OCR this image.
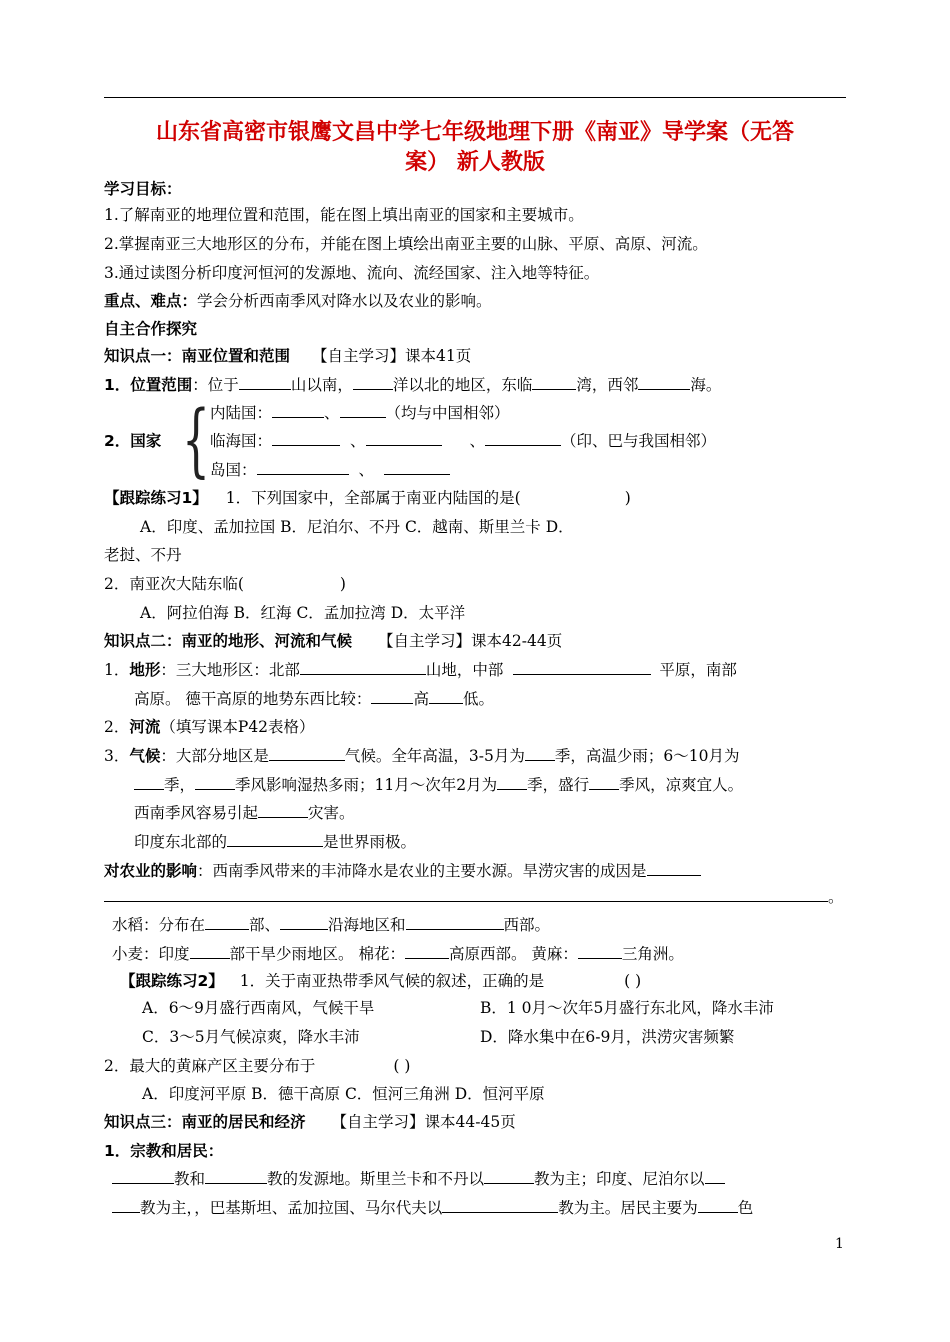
山东省高密市银鹰文昌中学七年级地理下册《南亚》导学案（无答
案） 新人教版
学习目标：
1.了解南亚的地理位置和范围，能在图上填出南亚的国家和主要城市。
2.掌握南亚三大地形区的分布，并能在图上填绘出南亚主要的山脉、平原、高原、河流。
3.通过读图分析印度河恒河的发源地、流向、流经国家、注入地等特征。
重点、难点：学会分析西南季风对降水以及农业的影响。
自主合作探究
知识点一：南亚位置和范围 【自主学习】课本41页
1．位置范围：位于	山以南，	洋以北的地区，东临	湾，西邻	海。
2．国家 { 内陆国：	、	（均与中国相邻）
临海国：	、	、	（印、巴与我国相邻）
岛国：	、
【跟踪练习1】 1．下列国家中，全部属于南亚内陆国的是(	)
A．印度、孟加拉国 B．尼泊尔、不丹 C．越南、斯里兰卡 D．
老挝、不丹
2．南亚次大陆东临(	)
A．阿拉伯海 B．红海 C．孟加拉湾 D．太平洋
知识点二：南亚的地形、河流和气候 【自主学习】课本42-44页
1．地形：三大地形区：北部	山地，中部	平原，南部
高原。 德干高原的地势东西比较：	高 低。
2．河流（填写课本P42表格）
3．气候：大部分地区是	气候。全年高温，3-5月为 季，高温少雨；6～10月为
季，	季风影响湿热多雨；11月～次年2月为 季，盛行 季风，凉爽宜人。
西南季风容易引起	灾害。
印度东北部的	是世界雨极。
对农业的影响：西南季风带来的丰沛降水是农业的主要水源。旱涝灾害的成因是
。
水稻：分布在	部、	沿海地区和	西部。
小麦：印度	部干旱少雨地区。 棉花：	高原西部。 黄麻：	三角洲。
【跟踪练习2】 1．关于南亚热带季风气候的叙述，正确的是	( )
A．6～9月盛行西南风，气候干旱	B．1 0月～次年5月盛行东北风，降水丰沛
C．3～5月气候凉爽，降水丰沛	D．降水集中在6-9月，洪涝灾害频繁
2．最大的黄麻产区主要分布于	( )
A．印度河平原 B．德干高原 C．恒河三角洲 D．恒河平原
知识点三：南亚的居民和经济 【自主学习】课本44-45页
1．宗教和居民：
教和	教的发源地。斯里兰卡和不丹以	教为主；印度、尼泊尔以
教为主，，巴基斯坦、孟加拉国、马尔代夫以	教为主。居民主要为	色
1
